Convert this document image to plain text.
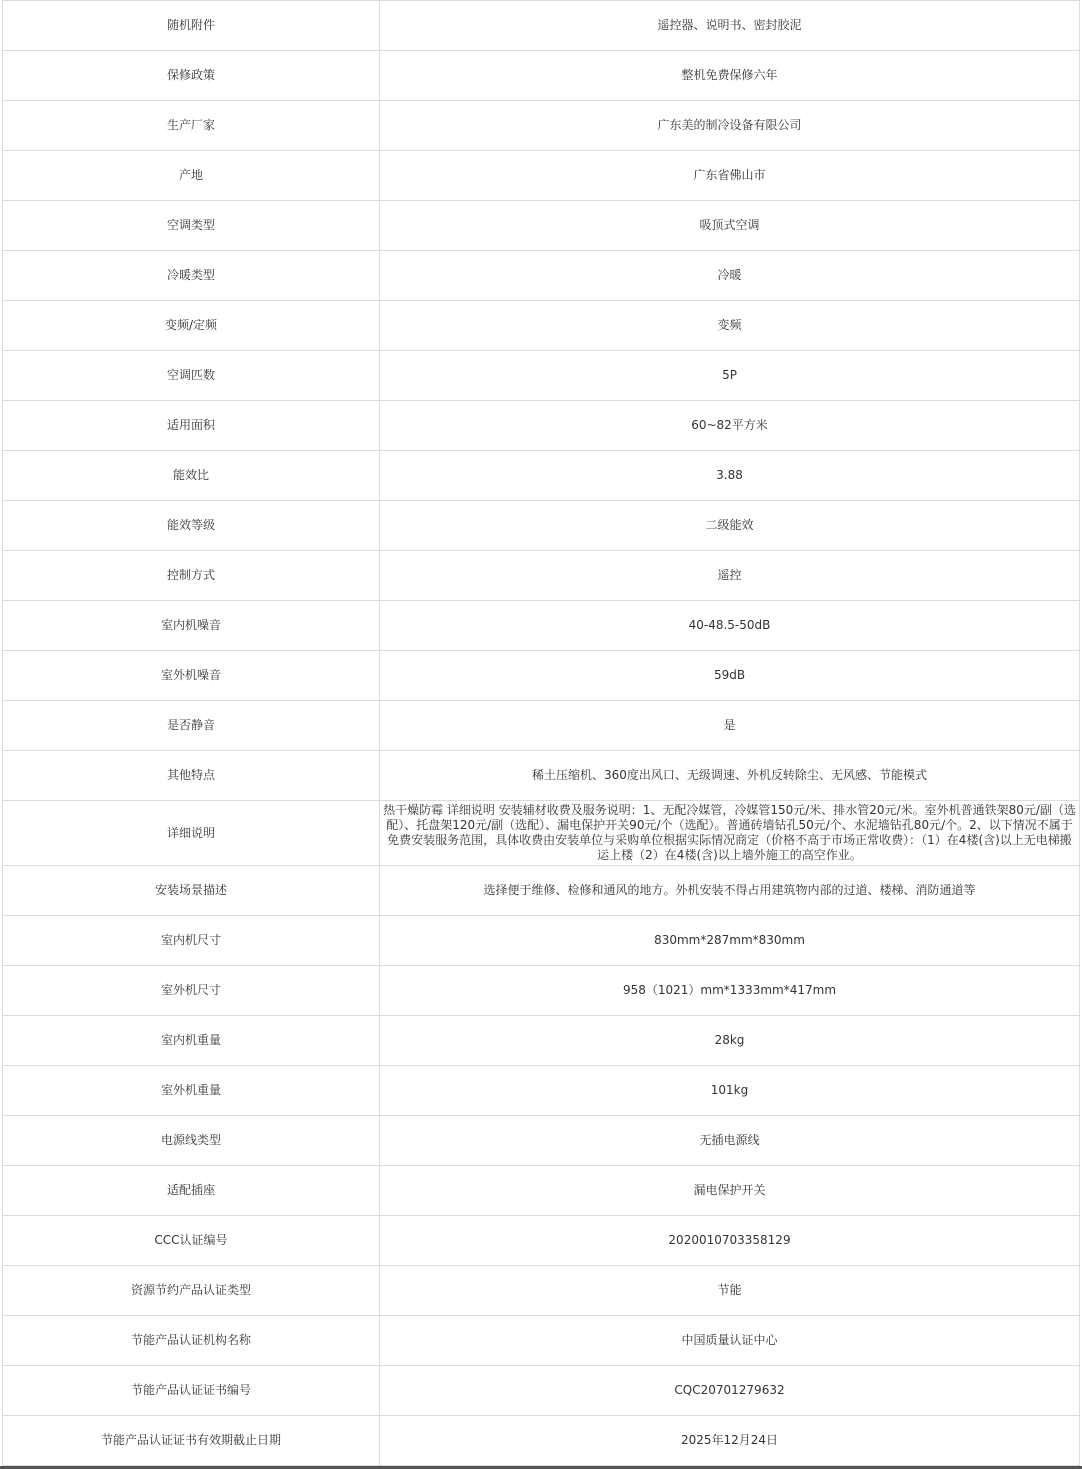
随机附件	遥控器、说明书、密封胶泥
保修政策	整机免费保修六年
生产厂家	广东美的制冷设备有限公司
产地	广东省佛山市
空调类型	吸顶式空调
冷暖类型	冷暖
变频/定频	变频
空调匹数	5P
适用面积	60~82平方米
能效比	3.88
能效等级	二级能效
控制方式	遥控
室内机噪音	40-48.5-50dB
室外机噪音	59dB
是否静音	是
其他特点	稀土压缩机、360度出风口、无级调速、外机反转除尘、无风感、节能模式
详细说明	热干燥防霉 详细说明 安装辅材收费及服务说明：1、无配冷媒管，冷媒管150元/米、排水管20元/米。室外机普通铁架80元/副（选配）、托盘架120元/副（选配）、漏电保护开关90元/个（选配）。普通砖墙钻孔50元/个、水泥墙钻孔80元/个。2、以下情况不属于免费安装服务范围，具体收费由安装单位与采购单位根据实际情况商定（价格不高于市场正常收费）：（1）在4楼(含)以上无电梯搬运上楼（2）在4楼(含)以上墙外施工的高空作业。
安装场景描述	选择便于维修、检修和通风的地方。外机安装不得占用建筑物内部的过道、楼梯、消防通道等
室内机尺寸	830mm*287mm*830mm
室外机尺寸	958（1021）mm*1333mm*417mm
室内机重量	28kg
室外机重量	101kg
电源线类型	无插电源线
适配插座	漏电保护开关
CCC认证编号	2020010703358129
资源节约产品认证类型	节能
节能产品认证机构名称	中国质量认证中心
节能产品认证证书编号	CQC20701279632
节能产品认证证书有效期截止日期	2025年12月24日
